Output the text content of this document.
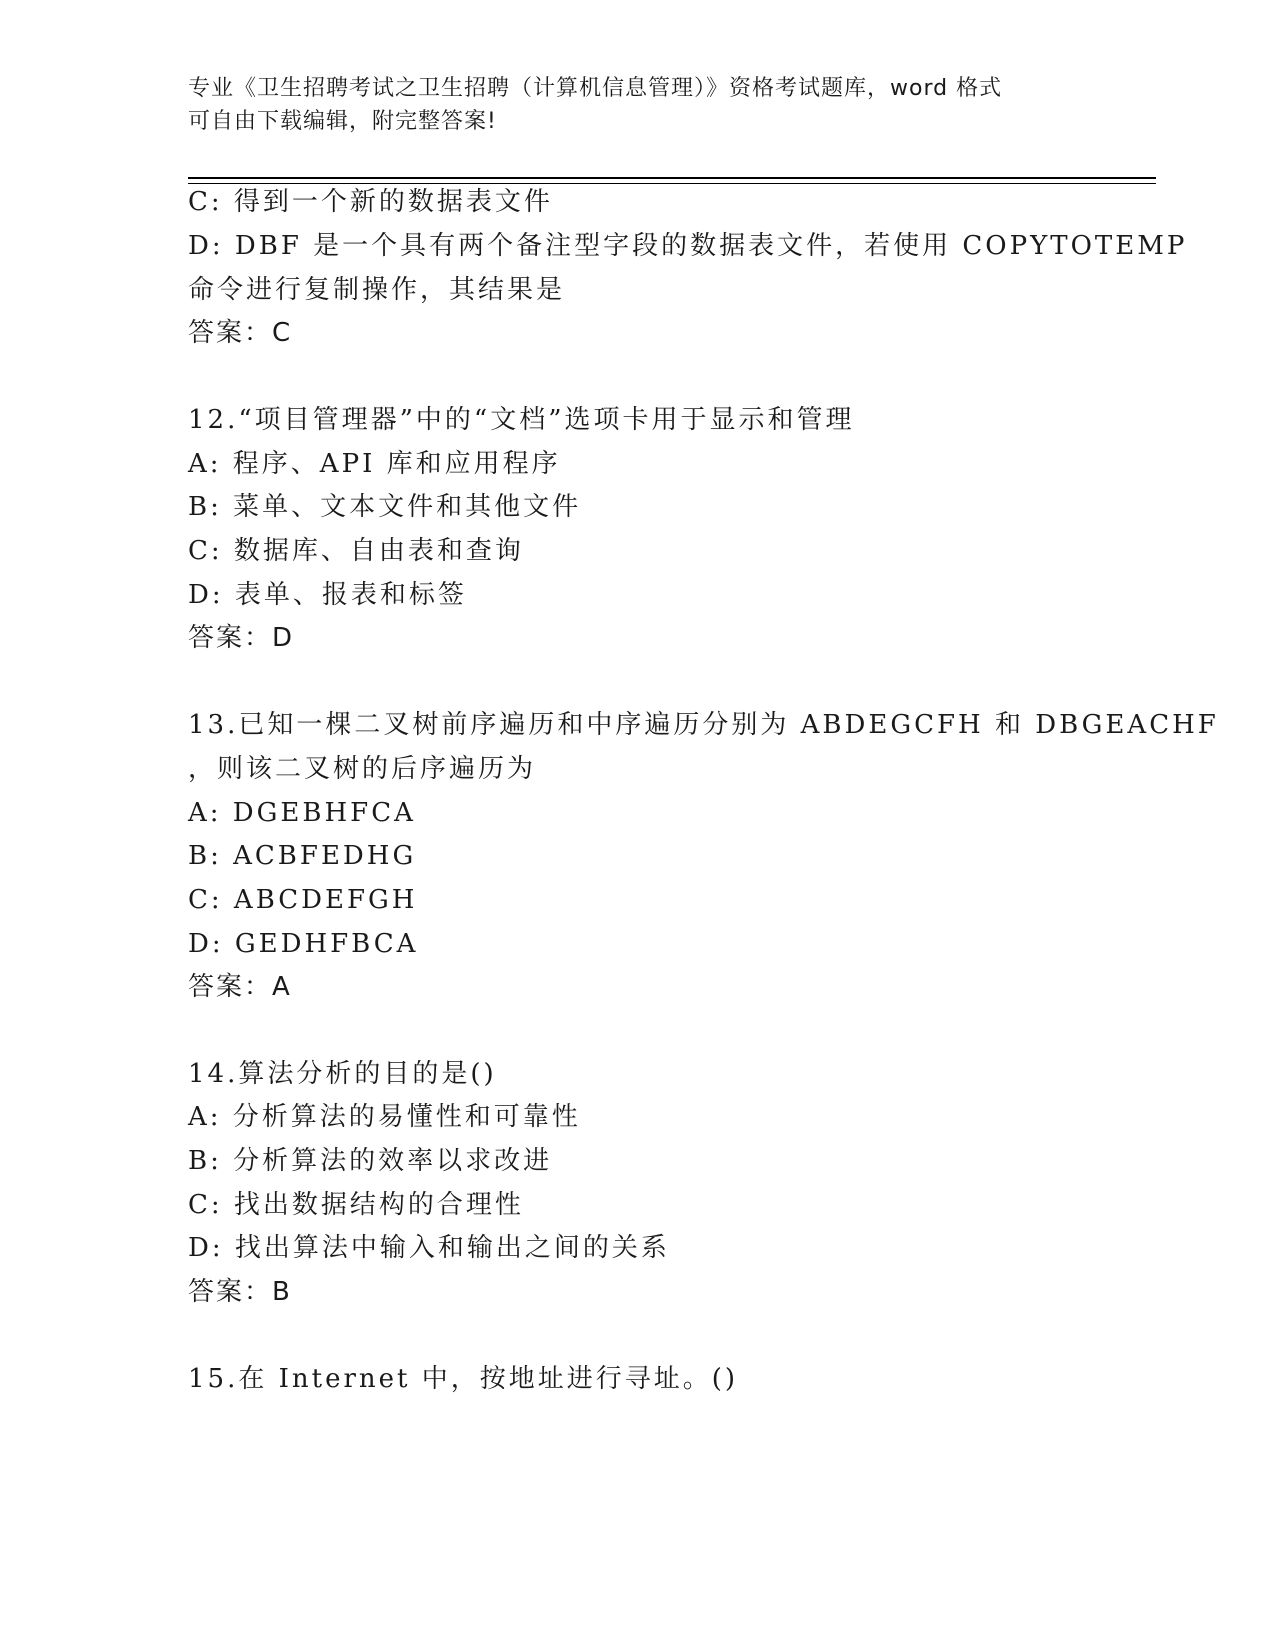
专业《卫生招聘考试之卫生招聘（计算机信息管理）》资格考试题库，word 格式
可自由下载编辑，附完整答案!
C: 得到一个新的数据表文件
D: DBF 是一个具有两个备注型字段的数据表文件，若使用 COPYTOTEMP
命令进行复制操作，其结果是
答案：C
12.“项目管理器”中的“文档”选项卡用于显示和管理
A: 程序、API 库和应用程序
B: 菜单、文本文件和其他文件
C: 数据库、自由表和查询
D: 表单、报表和标签
答案：D
13.已知一棵二叉树前序遍历和中序遍历分别为 ABDEGCFH 和 DBGEACHF
，则该二叉树的后序遍历为
A: DGEBHFCA
B: ACBFEDHG
C: ABCDEFGH
D: GEDHFBCA
答案：A
14.算法分析的目的是()
A: 分析算法的易懂性和可靠性
B: 分析算法的效率以求改进
C: 找出数据结构的合理性
D: 找出算法中输入和输出之间的关系
答案：B
15.在 Internet 中，按地址进行寻址。()
